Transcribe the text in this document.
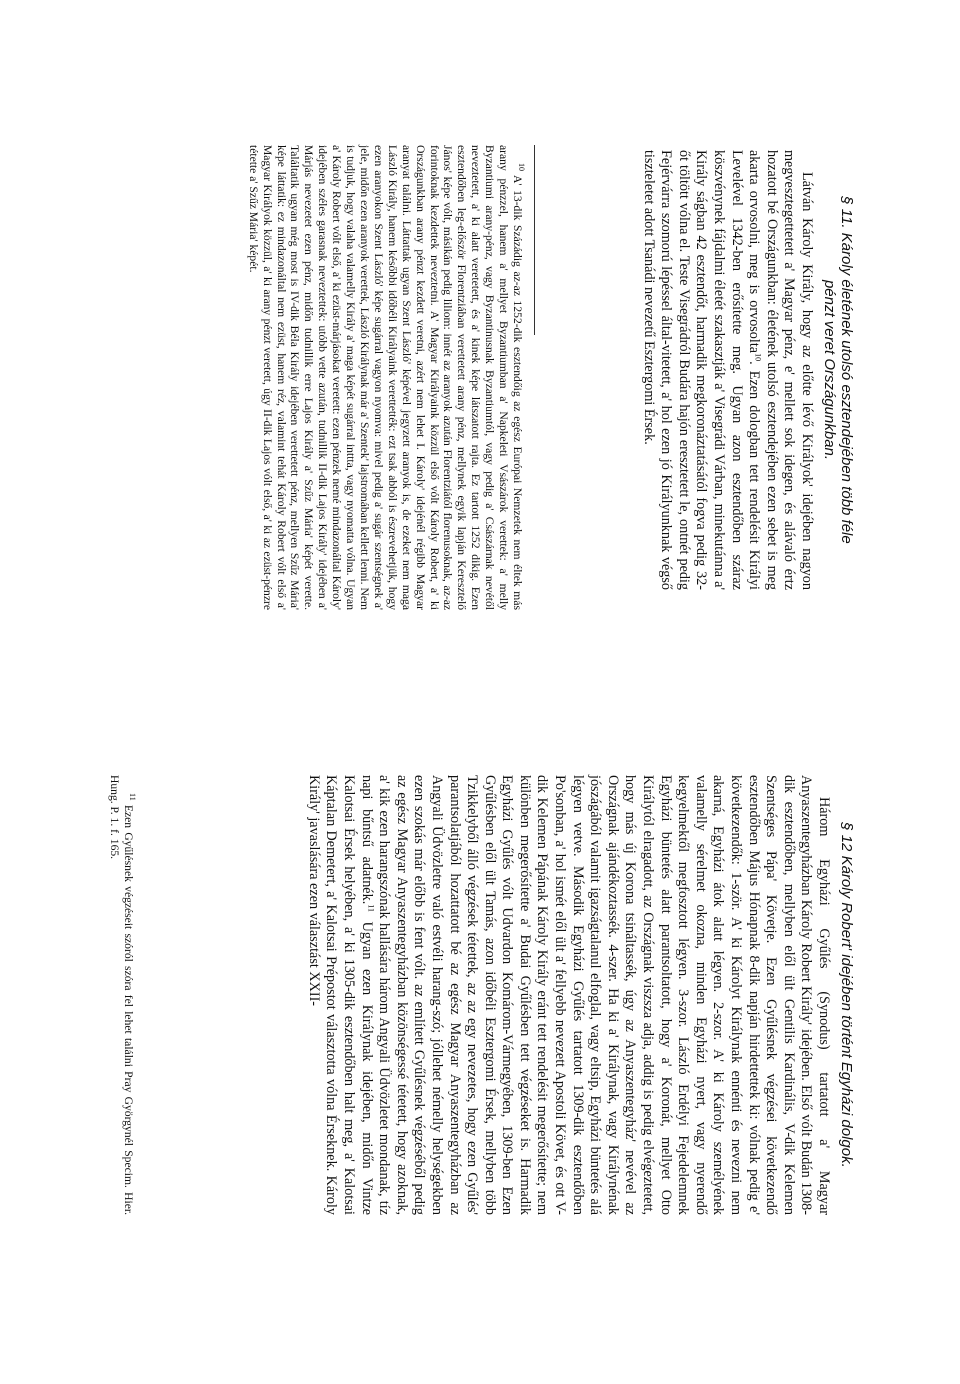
§ 11. Károly életének utolsó esztendejében több féle
pénzt veret Országunkban.

Látván Károly Király, hogy az előtte lévő Királyok' idejében nagyon megvesztegettetett a' Magyar pénz, e' mellett sok idegen, és alávaló értz hozatott bé Országunkban: életének utolsó esztendejében ezen sebet is meg akarta orvosolni, meg is orvosolta$^{10}$. Ezen dologban tett rendelésit Királyi Levelével 1342-ben erősítette meg. Ugyan azon esztendőben száraz köszvénynek fájdalmi életét szakasztják a' Visegrádi Várban, minekutánna a' Király ságban 42 esztendőt, harmadik megkoronáztatásától fogva pedig 32-őt töltött vólna el. Teste Visegrádról Budára hajón eresztetett le, ontnét pedig Fejérvárra szomorú lépéssel által-vitetett, a' hol ezen jó Királyunknak végső tiszteletet adott Tsanádi nevezetű Esztergomi Érsek.

$^{10}$ A' 13-dik Százádig az-az 1252-dik esztendőig az egész Európai Nemzetek nem éltek más arany pénzzel, hanem a' mellyet Byzantiumban a' Napkeleti Vsászárok verettek: a' melly Byzantiumi arany-pénz, vagy Byzantinusnak Byzantiumtól, vagy pedig a' Császárnak nevétől neveztetett, a' ki alatt veretetett, és a' kinek képe látszatott rajta. Ez tartott 1252 dikig. Ezen esztendőben leg-először Florentziában verettetett arany pénz, mellynek egyik lapján Keresztelő János' képe vólt, másikán pedig liliom: innét az aranyok azután Florentziától florenusoknak, az-az forintoknak kezdettek neveztetni. A' Magyar Királyaink közzül első vólt Károly Robert, a' ki Országunkban arany pénzt kezdett veretni, azért nem lehet I. Károly' idejénél régibb Magyar aranyat találni. Láttattak ugyan Szent László' képével jegyzett aranyok is, de ezeket nem maga László Király, hanem későbbi időbéli Királyaink verettették: ezt tsak abból is észrevehetjük, hogy ezen aranyokon Szent László' képe sugárral vagyon nyomva: mivel pedig a' sugár szentségnek a' jele, midőn ezen aranyok verettek, László Királynak már a' Szentek' lajstromában kellett lenni. Nem is tudjuk, hogy valaha valamelly Király a' maga képét sugárral inttta, vagy nyomatta vólna. Ugyan a' Károly Robert vólt első, a' ki ezüst-márjásokat veretett: ezen pénzek nemé mindazonáltal Károly' idejében széles garasnak neveztettek: utóbb vette azután, tudnillik II-dik Lajos Király' idejében a' Márjás nevezetet ezen pénz, midőn tudnillik erre Lajos Király a' Szűz Mária' képét verette. Találtatik ugyan még most is IV-dik Béla Király idejében verettetett pénz, mellyen Szűz Mária' képe láttatik: ez mindazonáltal nem ezüst, hanem réz, valamint tehát Károly Robert vólt első a' Magyar Királyok közzül, a' ki arany pénzt veretett, úgy II-dik Lajos vólt első, a' ki az ezüst-pénzre tétette a' Szűz Mária' képét.

§ 12 Károly Robert' idejében történt Egyházi dolgok.

Három Egyházi Gyűlés (Synodus) tartatott a' Magyar Anyaszentegyházban Károly Robert Király' idejében. Első vólt Budán 1308-dik esztendőben, mellyben elől ült Gentilis Kardinális, V-dik Kelemen Szentséges Pápa' Követje. Ezen Gyűlésnek végzései következendő esztendőben Május Hónapnak 8-dik napján hirdettettek ki: vólnak pedig e' következendők: 1-ször. A' ki Károlyt Királynak ennénti és nevezni nem akarná, Egyházi átok alatt légyen. 2-szor. A' ki Károly személyének valamelly sérelmet okozna, minden Egyházi nyert, vagy nyerendő kegyelmektől megfosztott légyen. 3-szor. László Erdélyi Fejedelemnek Egyházi büntetés alatt parantsoltatott, hogy a' Koronát, mellyet Otto Királytól elragadott, az Országnak viszsza adja, addig is pedig elvégeztetett, hogy más új Korona tsináltassék, úgy az Anyaszentegyház' nevével az Országnak ajándékoztassék. 4-szer. Ha ki a' Királynak, vagy Királynénak jószágából valamit igazságtalanul elfoglal, vagy eltsip, Egyházi büntetés alá légyen vetve. Második Egyházi Gyűlés tartatott 1309-dik esztendőben Po'sonban, a' hol ismét elől ült a' fellyebb nevezett Apostoli Követ, és ott V-dik Kelemen Pápának Károly Király eránt tett rendelésit megerősítette; nem különben megerősítette a' Budai Gyűlésben tett végzéseket is. Harmadik Egyházi Gyűlés vólt Udvardon Komárom-Vármegyében, 1309-ben Ezen Gyűlésben elől ült Tamás, azon időbéli Esztergomi Érsek, mellyben több Tzikkelyből álló végzések tétettek, az az egy nevezetes, hogy ezen Gyűlés' parantsolatjából hozattatott bé az egész Magyar Anyaszentegyházban az Angyali Üdvözletre való estvéli harang-szó; jóllehet némelly helységekben ezen szokás már előbb is fent vólt. az említett Gyűlésnek végzéséből pedig az egész Magyar Anyaszentegyházban közönségessé tétetett, hogy azoknak, a' kik ezen harangszónak hallására három Angyali Üdvözletet mondanak, tíz napi bűntsű adatnék.$^{11}$ Ugyan ezen Királynak idejében, midőn Vintze Kalotsai Érsek helyében, a' ki 1305-dik esztendőben halt meg, a' Kalotsai Káptalan Demetert, a' Kalotsai Prépostot választotta vólna Érseknek. Károly Király' javaslására ezen választást XXII-

$^{11}$ Ezen Gyűlésnek végzéseit szóról szóra fel lehet találni Pray Györgynél Specim. Hier. Hung. P. 1. f. 165.
